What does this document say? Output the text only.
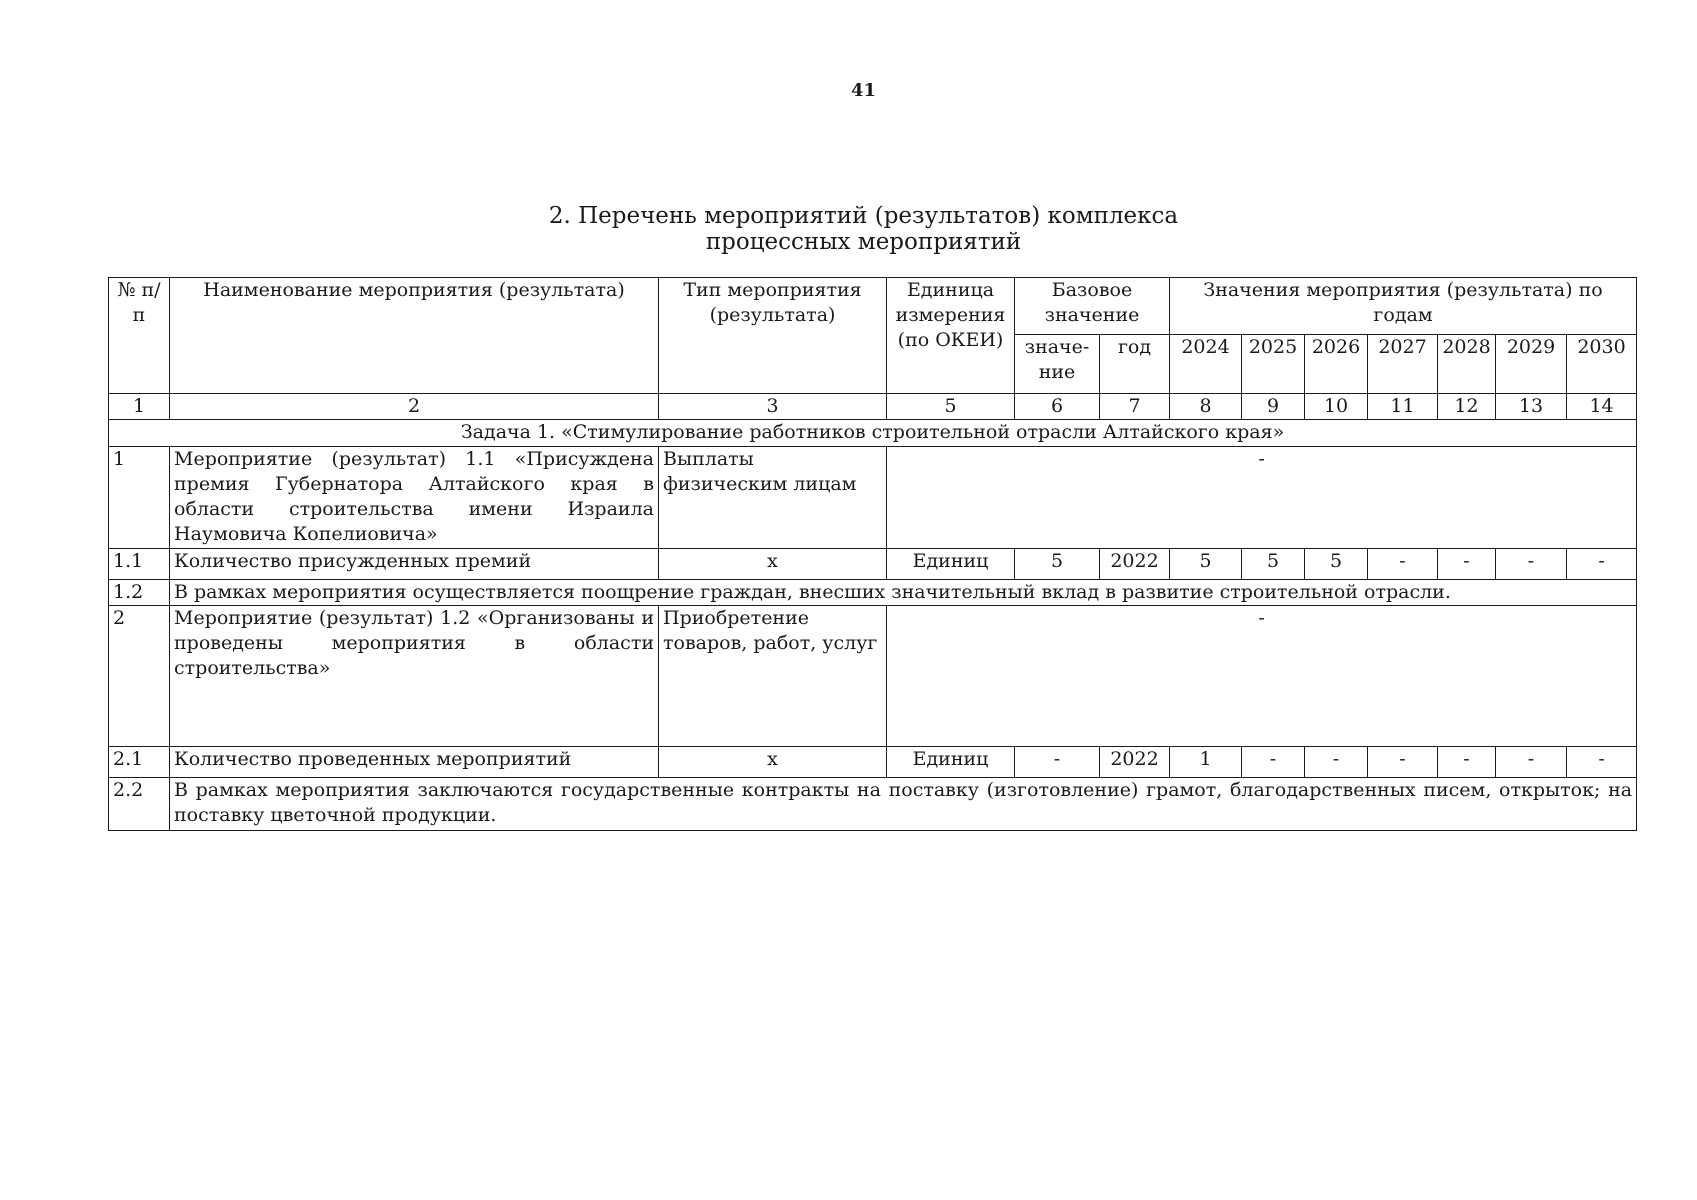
41
2. Перечень мероприятий (результатов) комплекса
процессных мероприятий
№ п/п	Наименование мероприятия (результата)	Тип мероприятия (результата)	Единица измерения (по ОКЕИ)	Базовое значение		Значения мероприятия (результата) по годам						
				значе-ние	год	2024	2025	2026	2027	2028	2029	2030
1	2	3	5	6	7	8	9	10	11	12	13	14
Задача 1. «Стимулирование работников строительной отрасли Алтайского края»												
1	Мероприятие (результат) 1.1 «Присуждена премия Губернатора Алтайского края в области строительства имени Израила Наумовича Копелиовича»	Выплаты физическим лицам	-									
1.1	Количество присужденных премий	х	Единиц	5	2022	5	5	5	-	-	-	-
1.2	В рамках мероприятия осуществляется поощрение граждан, внесших значительный вклад в развитие строительной отрасли.											
2	Мероприятие (результат) 1.2 «Организованы и проведены мероприятия в области строительства»	Приобретение товаров, работ, услуг	-									
2.1	Количество проведенных мероприятий	х	Единиц	-	2022	1	-	-	-	-	-	-
2.2	В рамках мероприятия заключаются государственные контракты на поставку (изготовление) грамот, благодарственных писем, открыток; на поставку цветочной продукции.											
